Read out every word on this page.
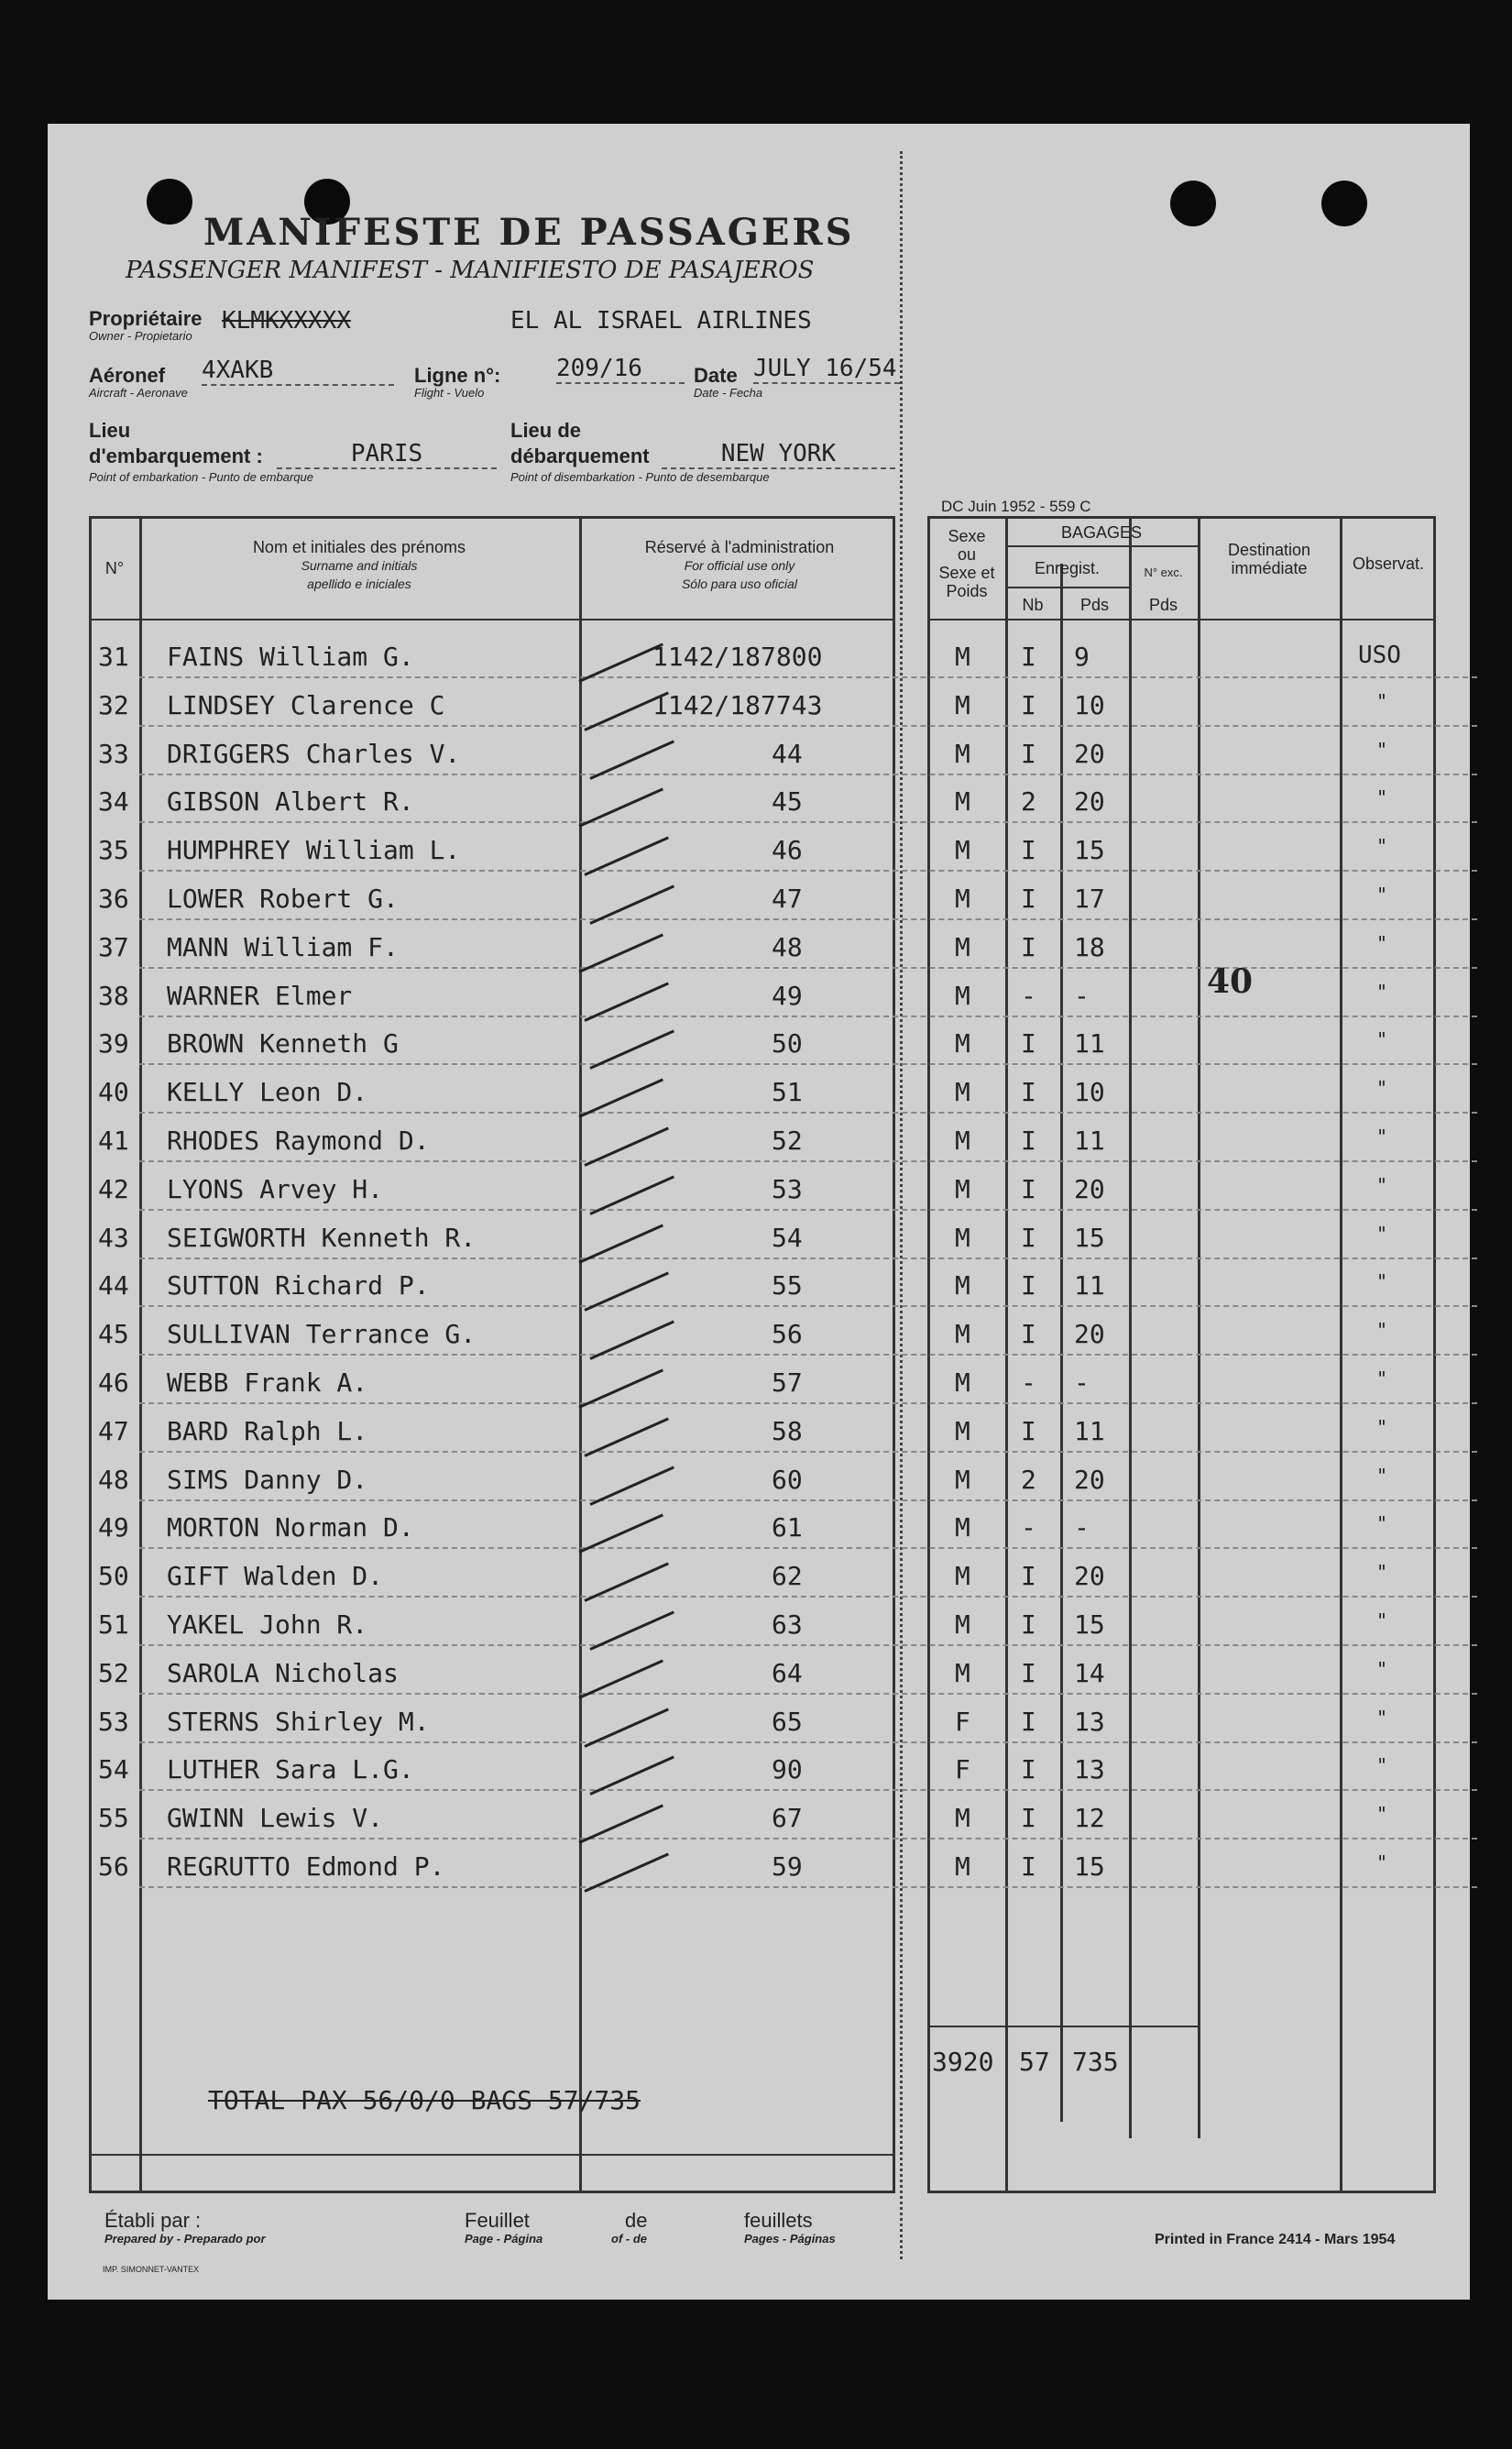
MANIFESTE DE PASSAGERS
PASSENGER MANIFEST - MANIFIESTO DE PASAJEROS
Propriétaire
Owner - Propietario
KLMKXXXXX	EL AL ISRAEL AIRLINES
Aéronef
Aircraft - Aeronave
4XAKB	Ligne n°:
Flight - Vuelo
209/16	Date
Date - Fecha
JULY 16/54
Lieu
d'embarquement :
Point of embarkation - Punto de embarque
PARIS
Lieu de
débarquement
Point of disembarkation - Punto de desembarque
NEW YORK
DC Juin 1952 - 559 C
N°
Nom et initiales des prénoms
Surname and initials
apellido e iniciales
Réservé à l'administration
For official use only
Sólo para uso oficial
Sexe
ou
Sexe et
Poids
BAGAGES
Enregist.
Nb	Pds
N° exc.
Pds
Destination
immédiate	Observat.
31 FAINS William G.	1142/187800	M I 9	USO
32 LINDSEY Clarence C	1142/187743	M I 10	"
33 DRIGGERS Charles V.	44	M I 20	"
34 GIBSON Albert R.	45	M 2 20	"
35 HUMPHREY William L.	46	M I 15	"
36 LOWER Robert G.	47	M I 17	"
37 MANN William F.	48	M I 18	"
38 WARNER Elmer	49	M - -	"
39 BROWN Kenneth G	50	M I 11	"
40 KELLY Leon D.	51	M I 10	"
41 RHODES Raymond D.	52	M I 11	"
42 LYONS Arvey H.	53	M I 20	"
43 SEIGWORTH Kenneth R.	54	M I 15	"
44 SUTTON Richard P.	55	M I 11	"
45 SULLIVAN Terrance G.	56	M I 20	"
46 WEBB Frank A.	57	M - -	"
47 BARD Ralph L.	58	M I 11	"
48 SIMS Danny D.	60	M 2 20	"
49 MORTON Norman D.	61	M - -	"
50 GIFT Walden D.	62	M I 20	"
51 YAKEL John R.	63	M I 15	"
52 SAROLA Nicholas	64	M I 14	"
53 STERNS Shirley M.	65	F I 13	"
54 LUTHER Sara L.G.	90	F I 13	"
55 GWINN Lewis V.	67	M I 12	"
56 REGRUTTO Edmond P.	59	M I 15	"
40
3920 57 735
TOTAL PAX 56/0/0 BAGS 57/735
Établi par :
Prepared by - Preparado por
Feuillet
Page - Página
de
of - de
feuillets
Pages - Páginas
IMP. SIMONNET-VANTEX
Printed in France 2414 - Mars 1954
